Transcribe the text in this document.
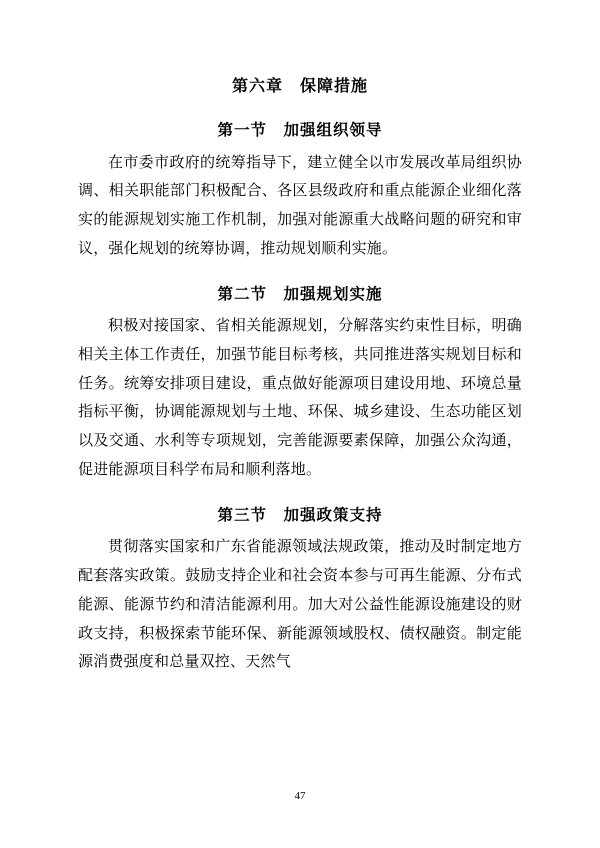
第六章　保障措施
第一节　加强组织领导

在市委市政府的统筹指导下，建立健全以市发展改革局组织协调、相关职能部门积极配合、各区县级政府和重点能源企业细化落实的能源规划实施工作机制，加强对能源重大战略问题的研究和审议，强化规划的统筹协调，推动规划顺利实施。

第二节　加强规划实施

积极对接国家、省相关能源规划，分解落实约束性目标，明确相关主体工作责任，加强节能目标考核，共同推进落实规划目标和任务。统筹安排项目建设，重点做好能源项目建设用地、环境总量指标平衡，协调能源规划与土地、环保、城乡建设、生态功能区划以及交通、水利等专项规划，完善能源要素保障，加强公众沟通，促进能源项目科学布局和顺利落地。

第三节　加强政策支持

贯彻落实国家和广东省能源领域法规政策，推动及时制定地方配套落实政策。鼓励支持企业和社会资本参与可再生能源、分布式能源、能源节约和清洁能源利用。加大对公益性能源设施建设的财政支持，积极探索节能环保、新能源领域股权、债权融资。制定能源消费强度和总量双控、天然气

47
